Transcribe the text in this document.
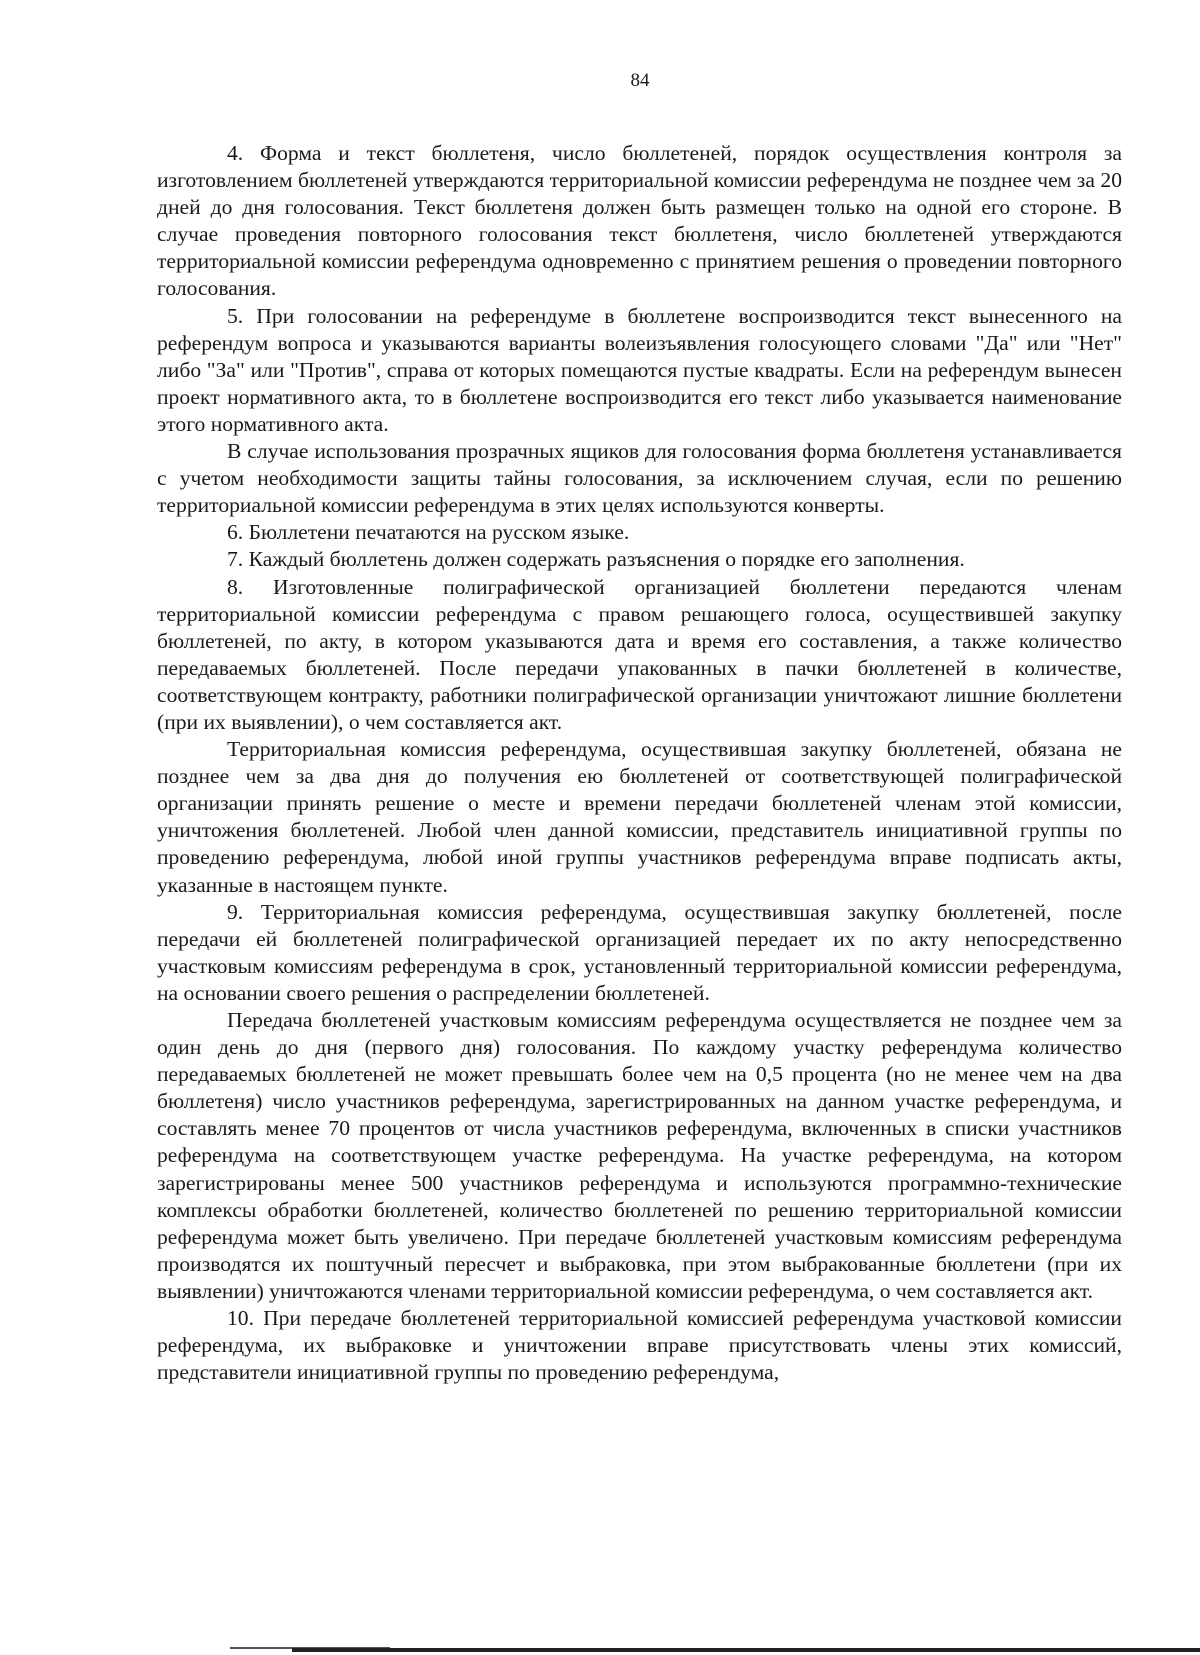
84

4. Форма и текст бюллетеня, число бюллетеней, порядок осуществления контроля за изготовлением бюллетеней утверждаются территориальной комиссии референдума не позднее чем за 20 дней до дня голосования. Текст бюллетеня должен быть размещен только на одной его стороне. В случае проведения повторного голосования текст бюллетеня, число бюллетеней утверждаются территориальной комиссии референдума одновременно с принятием решения о проведении повторного голосования.

5. При голосовании на референдуме в бюллетене воспроизводится текст вынесенного на референдум вопроса и указываются варианты волеизъявления голосующего словами "Да" или "Нет" либо "За" или "Против", справа от которых помещаются пустые квадраты. Если на референдум вынесен проект нормативного акта, то в бюллетене воспроизводится его текст либо указывается наименование этого нормативного акта.

В случае использования прозрачных ящиков для голосования форма бюллетеня устанавливается с учетом необходимости защиты тайны голосования, за исключением случая, если по решению территориальной комиссии референдума в этих целях используются конверты.

6. Бюллетени печатаются на русском языке.

7. Каждый бюллетень должен содержать разъяснения о порядке его заполнения.

8. Изготовленные полиграфической организацией бюллетени передаются членам территориальной комиссии референдума с правом решающего голоса, осуществившей закупку бюллетеней, по акту, в котором указываются дата и время его составления, а также количество передаваемых бюллетеней. После передачи упакованных в пачки бюллетеней в количестве, соответствующем контракту, работники полиграфической организации уничтожают лишние бюллетени (при их выявлении), о чем составляется акт.

Территориальная комиссия референдума, осуществившая закупку бюллетеней, обязана не позднее чем за два дня до получения ею бюллетеней от соответствующей полиграфической организации принять решение о месте и времени передачи бюллетеней членам этой комиссии, уничтожения бюллетеней. Любой член данной комиссии, представитель инициативной группы по проведению референдума, любой иной группы участников референдума вправе подписать акты, указанные в настоящем пункте.

9. Территориальная комиссия референдума, осуществившая закупку бюллетеней, после передачи ей бюллетеней полиграфической организацией передает их по акту непосредственно участковым комиссиям референдума в срок, установленный территориальной комиссии референдума, на основании своего решения о распределении бюллетеней.

Передача бюллетеней участковым комиссиям референдума осуществляется не позднее чем за один день до дня (первого дня) голосования. По каждому участку референдума количество передаваемых бюллетеней не может превышать более чем на 0,5 процента (но не менее чем на два бюллетеня) число участников референдума, зарегистрированных на данном участке референдума, и составлять менее 70 процентов от числа участников референдума, включенных в списки участников референдума на соответствующем участке референдума. На участке референдума, на котором зарегистрированы менее 500 участников референдума и используются программно-технические комплексы обработки бюллетеней, количество бюллетеней по решению территориальной комиссии референдума может быть увеличено. При передаче бюллетеней участковым комиссиям референдума производятся их поштучный пересчет и выбраковка, при этом выбракованные бюллетени (при их выявлении) уничтожаются членами территориальной комиссии референдума, о чем составляется акт.

10. При передаче бюллетеней территориальной комиссией референдума участковой комиссии референдума, их выбраковке и уничтожении вправе присутствовать члены этих комиссий, представители инициативной группы по проведению референдума,
